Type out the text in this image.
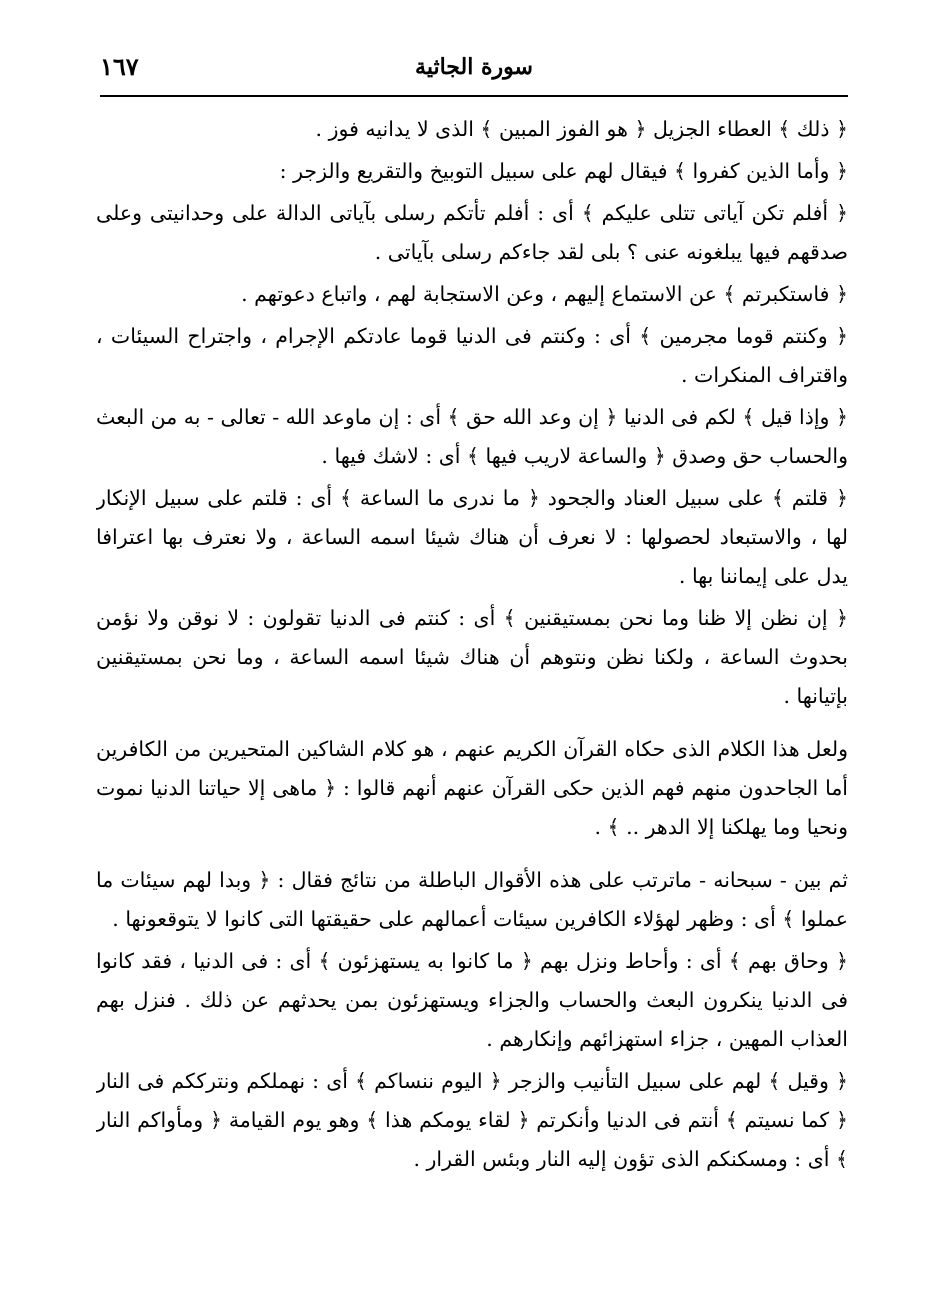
١٦٧	سورة الجاثية

﴿ ذلك ﴾ العطاء الجزيل ﴿ هو الفوز المبين ﴾ الذى لا يدانيه فوز .

﴿ وأما الذين كفروا ﴾ فيقال لهم على سبيل التوبيخ والتقريع والزجر :

﴿ أفلم تكن آياتى تتلى عليكم ﴾ أى : أفلم تأتكم رسلى بآياتى الدالة على وحدانيتى وعلى صدقهم فيها يبلغونه عنى ؟ بلى لقد جاءكم رسلى بآياتى .

﴿ فاستكبرتم ﴾ عن الاستماع إليهم ، وعن الاستجابة لهم ، واتباع دعوتهم .

﴿ وكنتم قوما مجرمين ﴾ أى : وكنتم فى الدنيا قوما عادتكم الإجرام ، واجتراح السيئات ، واقتراف المنكرات .

﴿ وإذا قيل ﴾ لكم فى الدنيا ﴿ إن وعد الله حق ﴾ أى : إن ماوعد الله - تعالى - به من البعث والحساب حق وصدق ﴿ والساعة لاريب فيها ﴾ أى : لاشك فيها .

﴿ قلتم ﴾ على سبيل العناد والجحود ﴿ ما ندرى ما الساعة ﴾ أى : قلتم على سبيل الإنكار لها ، والاستبعاد لحصولها : لا نعرف أن هناك شيئا اسمه الساعة ، ولا نعترف بها اعترافا يدل على إيماننا بها .

﴿ إن نظن إلا ظنا وما نحن بمستيقنين ﴾ أى : كنتم فى الدنيا تقولون : لا نوقن ولا نؤمن بحدوث الساعة ، ولكنا نظن ونتوهم أن هناك شيئا اسمه الساعة ، وما نحن بمستيقنين بإتيانها .

ولعل هذا الكلام الذى حكاه القرآن الكريم عنهم ، هو كلام الشاكين المتحيرين من الكافرين أما الجاحدون منهم فهم الذين حكى القرآن عنهم أنهم قالوا : ﴿ ماهى إلا حياتنا الدنيا نموت ونحيا وما يهلكنا إلا الدهر .. ﴾ .

ثم بين - سبحانه - ماترتب على هذه الأقوال الباطلة من نتائج فقال : ﴿ وبدا لهم سيئات ما عملوا ﴾ أى : وظهر لهؤلاء الكافرين سيئات أعمالهم على حقيقتها التى كانوا لا يتوقعونها .

﴿ وحاق بهم ﴾ أى : وأحاط ونزل بهم ﴿ ما كانوا به يستهزئون ﴾ أى : فى الدنيا ، فقد كانوا فى الدنيا ينكرون البعث والحساب والجزاء ويستهزئون بمن يحدثهم عن ذلك . فنزل بهم العذاب المهين ، جزاء استهزائهم وإنكارهم .

﴿ وقيل ﴾ لهم على سبيل التأنيب والزجر ﴿ اليوم ننساكم ﴾ أى : نهملكم ونترككم فى النار ﴿ كما نسيتم ﴾ أنتم فى الدنيا وأنكرتم ﴿ لقاء يومكم هذا ﴾ وهو يوم القيامة ﴿ ومأواكم النار ﴾ أى : ومسكنكم الذى تؤون إليه النار وبئس القرار .
